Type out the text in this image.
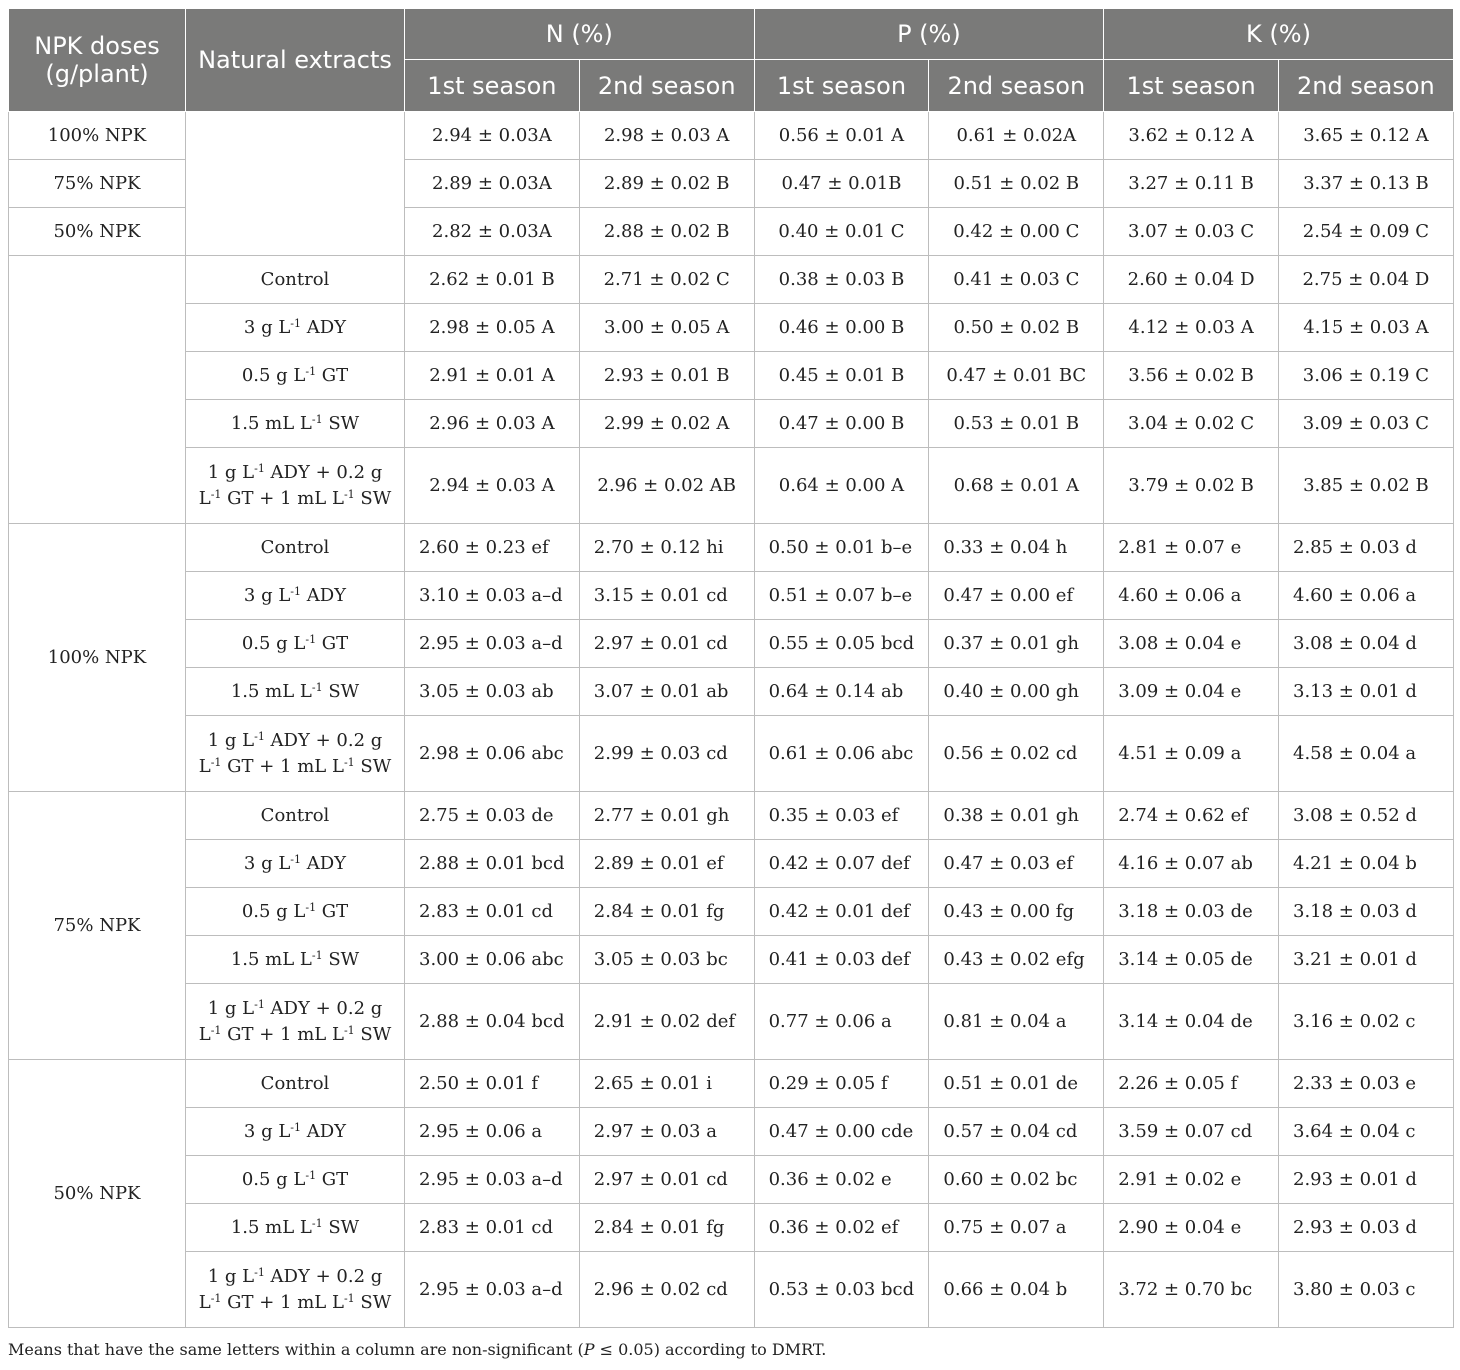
NPK doses (g/plant)	Natural extracts	N (%)		P (%)		K (%)	
		1st season	2nd season	1st season	2nd season	1st season	2nd season
100% NPK		2.94 ± 0.03A	2.98 ± 0.03 A	0.56 ± 0.01 A	0.61 ± 0.02A	3.62 ± 0.12 A	3.65 ± 0.12 A
75% NPK		2.89 ± 0.03A	2.89 ± 0.02 B	0.47 ± 0.01B	0.51 ± 0.02 B	3.27 ± 0.11 B	3.37 ± 0.13 B
50% NPK		2.82 ± 0.03A	2.88 ± 0.02 B	0.40 ± 0.01 C	0.42 ± 0.00 C	3.07 ± 0.03 C	2.54 ± 0.09 C
	Control	2.62 ± 0.01 B	2.71 ± 0.02 C	0.38 ± 0.03 B	0.41 ± 0.03 C	2.60 ± 0.04 D	2.75 ± 0.04 D
	3 g $L^{-1}$ ADY	2.98 ± 0.05 A	3.00 ± 0.05 A	0.46 ± 0.00 B	0.50 ± 0.02 B	4.12 ± 0.03 A	4.15 ± 0.03 A
	0.5 g $L^{-1}$ GT	2.91 ± 0.01 A	2.93 ± 0.01 B	0.45 ± 0.01 B	0.47 ± 0.01 BC	3.56 ± 0.02 B	3.06 ± 0.19 C
	1.5 mL $L^{-1}$ SW	2.96 ± 0.03 A	2.99 ± 0.02 A	0.47 ± 0.00 B	0.53 ± 0.01 B	3.04 ± 0.02 C	3.09 ± 0.03 C
	1 g $L^{-1}$ ADY + 0.2 g
$L^{-1}$ GT + 1 mL $L^{-1}$ SW	2.94 ± 0.03 A	2.96 ± 0.02 AB	0.64 ± 0.00 A	0.68 ± 0.01 A	3.79 ± 0.02 B	3.85 ± 0.02 B
100% NPK	Control	2.60 ± 0.23 ef	2.70 ± 0.12 hi	0.50 ± 0.01 b–e	0.33 ± 0.04 h	2.81 ± 0.07 e	2.85 ± 0.03 d
	3 g $L^{-1}$ ADY	3.10 ± 0.03 a–d	3.15 ± 0.01 cd	0.51 ± 0.07 b–e	0.47 ± 0.00 ef	4.60 ± 0.06 a	4.60 ± 0.06 a
	0.5 g $L^{-1}$ GT	2.95 ± 0.03 a–d	2.97 ± 0.01 cd	0.55 ± 0.05 bcd	0.37 ± 0.01 gh	3.08 ± 0.04 e	3.08 ± 0.04 d
	1.5 mL $L^{-1}$ SW	3.05 ± 0.03 ab	3.07 ± 0.01 ab	0.64 ± 0.14 ab	0.40 ± 0.00 gh	3.09 ± 0.04 e	3.13 ± 0.01 d
	1 g $L^{-1}$ ADY + 0.2 g
$L^{-1}$ GT + 1 mL $L^{-1}$ SW	2.98 ± 0.06 abc	2.99 ± 0.03 cd	0.61 ± 0.06 abc	0.56 ± 0.02 cd	4.51 ± 0.09 a	4.58 ± 0.04 a
75% NPK	Control	2.75 ± 0.03 de	2.77 ± 0.01 gh	0.35 ± 0.03 ef	0.38 ± 0.01 gh	2.74 ± 0.62 ef	3.08 ± 0.52 d
	3 g $L^{-1}$ ADY	2.88 ± 0.01 bcd	2.89 ± 0.01 ef	0.42 ± 0.07 def	0.47 ± 0.03 ef	4.16 ± 0.07 ab	4.21 ± 0.04 b
	0.5 g $L^{-1}$ GT	2.83 ± 0.01 cd	2.84 ± 0.01 fg	0.42 ± 0.01 def	0.43 ± 0.00 fg	3.18 ± 0.03 de	3.18 ± 0.03 d
	1.5 mL $L^{-1}$ SW	3.00 ± 0.06 abc	3.05 ± 0.03 bc	0.41 ± 0.03 def	0.43 ± 0.02 efg	3.14 ± 0.05 de	3.21 ± 0.01 d
	1 g $L^{-1}$ ADY + 0.2 g
$L^{-1}$ GT + 1 mL $L^{-1}$ SW	2.88 ± 0.04 bcd	2.91 ± 0.02 def	0.77 ± 0.06 a	0.81 ± 0.04 a	3.14 ± 0.04 de	3.16 ± 0.02 c
50% NPK	Control	2.50 ± 0.01 f	2.65 ± 0.01 i	0.29 ± 0.05 f	0.51 ± 0.01 de	2.26 ± 0.05 f	2.33 ± 0.03 e
	3 g $L^{-1}$ ADY	2.95 ± 0.06 a	2.97 ± 0.03 a	0.47 ± 0.00 cde	0.57 ± 0.04 cd	3.59 ± 0.07 cd	3.64 ± 0.04 c
	0.5 g $L^{-1}$ GT	2.95 ± 0.03 a–d	2.97 ± 0.01 cd	0.36 ± 0.02 e	0.60 ± 0.02 bc	2.91 ± 0.02 e	2.93 ± 0.01 d
	1.5 mL $L^{-1}$ SW	2.83 ± 0.01 cd	2.84 ± 0.01 fg	0.36 ± 0.02 ef	0.75 ± 0.07 a	2.90 ± 0.04 e	2.93 ± 0.03 d
	1 g $L^{-1}$ ADY + 0.2 g
$L^{-1}$ GT + 1 mL $L^{-1}$ SW	2.95 ± 0.03 a–d	2.96 ± 0.02 cd	0.53 ± 0.03 bcd	0.66 ± 0.04 b	3.72 ± 0.70 bc	3.80 ± 0.03 c
Means that have the same letters within a column are non-significant (P ≤ 0.05) according to DMRT.
